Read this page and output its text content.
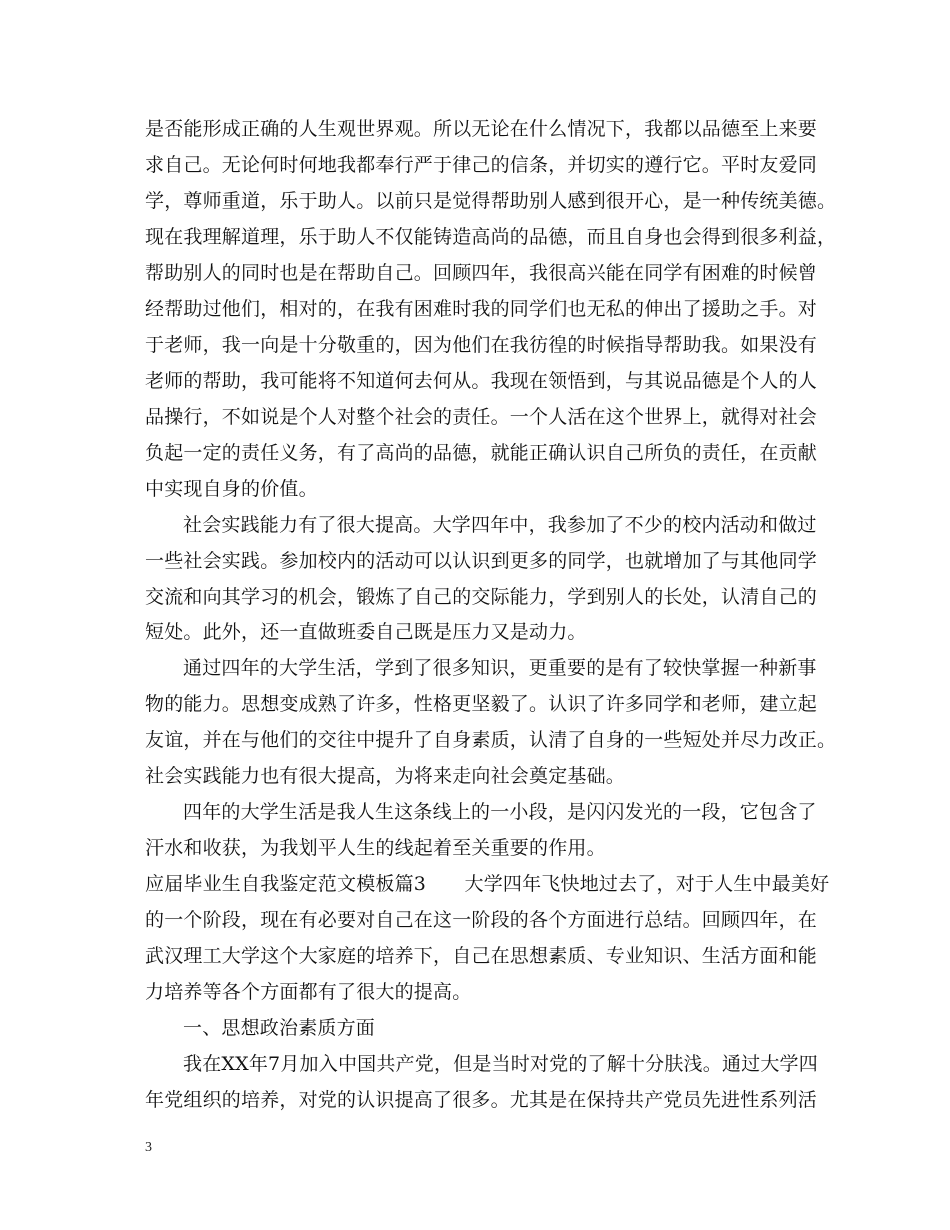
是否能形成正确的人生观世界观。所以无论在什么情况下，我都以品德至上来要
求自己。无论何时何地我都奉行严于律己的信条，并切实的遵行它。平时友爱同
学，尊师重道，乐于助人。以前只是觉得帮助别人感到很开心，是一种传统美德。
现在我理解道理，乐于助人不仅能铸造高尚的品德，而且自身也会得到很多利益，
帮助别人的同时也是在帮助自己。回顾四年，我很高兴能在同学有困难的时候曾
经帮助过他们，相对的，在我有困难时我的同学们也无私的伸出了援助之手。对
于老师，我一向是十分敬重的，因为他们在我彷徨的时候指导帮助我。如果没有
老师的帮助，我可能将不知道何去何从。我现在领悟到，与其说品德是个人的人
品操行，不如说是个人对整个社会的责任。一个人活在这个世界上，就得对社会
负起一定的责任义务，有了高尚的品德，就能正确认识自己所负的责任，在贡献
中实现自身的价值。
社会实践能力有了很大提高。大学四年中，我参加了不少的校内活动和做过
一些社会实践。参加校内的活动可以认识到更多的同学，也就增加了与其他同学
交流和向其学习的机会，锻炼了自己的交际能力，学到别人的长处，认清自己的
短处。此外，还一直做班委自己既是压力又是动力。
通过四年的大学生活，学到了很多知识，更重要的是有了较快掌握一种新事
物的能力。思想变成熟了许多，性格更坚毅了。认识了许多同学和老师，建立起
友谊，并在与他们的交往中提升了自身素质，认清了自身的一些短处并尽力改正。
社会实践能力也有很大提高，为将来走向社会奠定基础。
四年的大学生活是我人生这条线上的一小段，是闪闪发光的一段，它包含了
汗水和收获，为我划平人生的线起着至关重要的作用。
应届毕业生自我鉴定范文模板篇3　　大学四年飞快地过去了，对于人生中最美好
的一个阶段，现在有必要对自己在这一阶段的各个方面进行总结。回顾四年，在
武汉理工大学这个大家庭的培养下，自己在思想素质、专业知识、生活方面和能
力培养等各个方面都有了很大的提高。
一、思想政治素质方面
我在XX年7月加入中国共产党，但是当时对党的了解十分肤浅。通过大学四
年党组织的培养，对党的认识提高了很多。尤其是在保持共产党员先进性系列活
3
